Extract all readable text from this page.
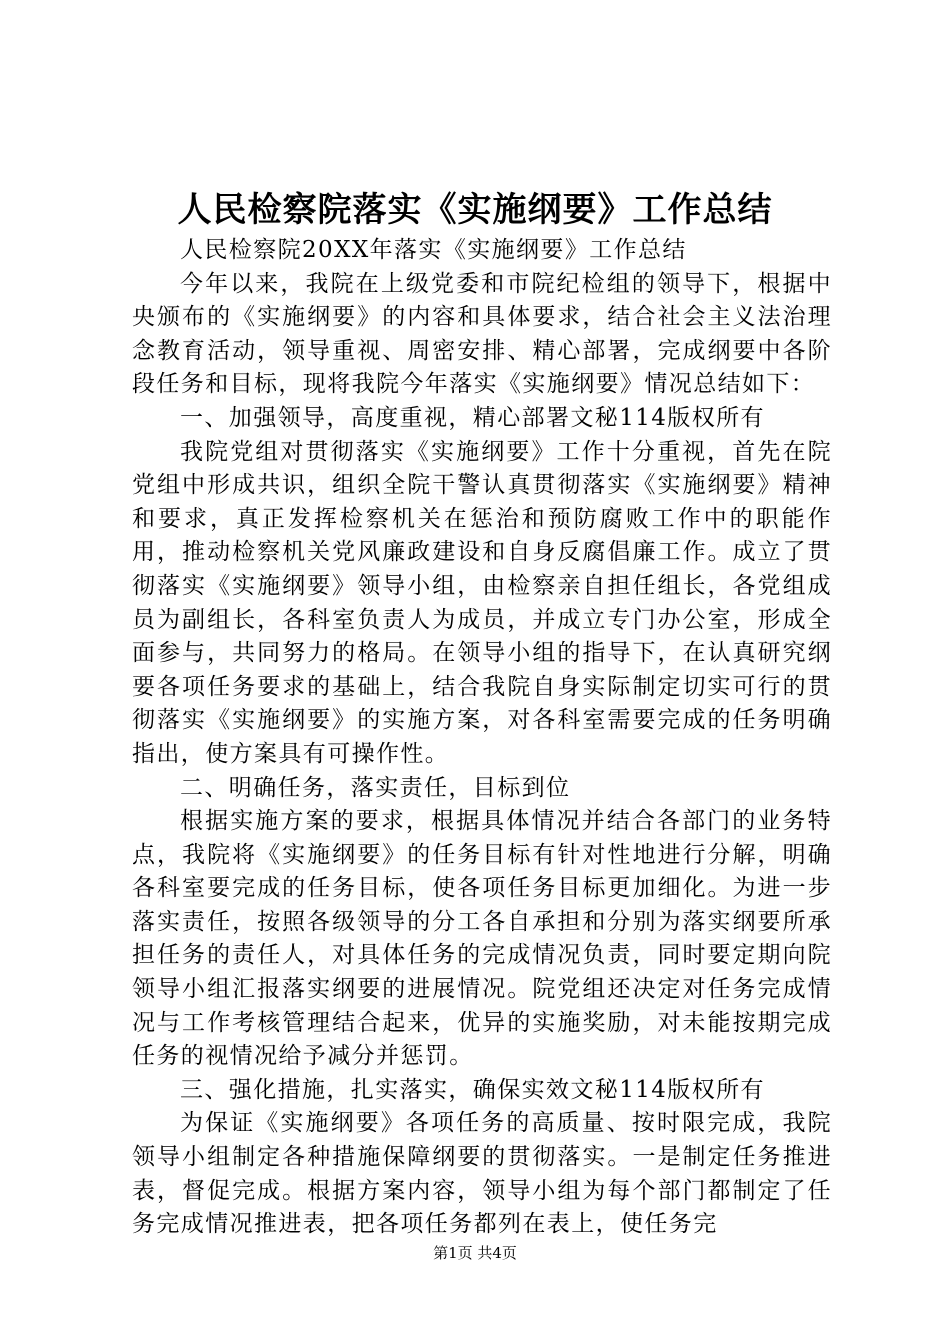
人民检察院落实《实施纲要》工作总结

人民检察院20XX年落实《实施纲要》工作总结

今年以来，我院在上级党委和市院纪检组的领导下，根据中央颁布的《实施纲要》的内容和具体要求，结合社会主义法治理念教育活动，领导重视、周密安排、精心部署，完成纲要中各阶段任务和目标，现将我院今年落实《实施纲要》情况总结如下：

一、加强领导，高度重视，精心部署文秘114版权所有

我院党组对贯彻落实《实施纲要》工作十分重视，首先在院党组中形成共识，组织全院干警认真贯彻落实《实施纲要》精神和要求，真正发挥检察机关在惩治和预防腐败工作中的职能作用，推动检察机关党风廉政建设和自身反腐倡廉工作。成立了贯彻落实《实施纲要》领导小组，由检察亲自担任组长，各党组成员为副组长，各科室负责人为成员，并成立专门办公室，形成全面参与，共同努力的格局。在领导小组的指导下，在认真研究纲要各项任务要求的基础上，结合我院自身实际制定切实可行的贯彻落实《实施纲要》的实施方案，对各科室需要完成的任务明确指出，使方案具有可操作性。

二、明确任务，落实责任，目标到位

根据实施方案的要求，根据具体情况并结合各部门的业务特点，我院将《实施纲要》的任务目标有针对性地进行分解，明确各科室要完成的任务目标，使各项任务目标更加细化。为进一步落实责任，按照各级领导的分工各自承担和分别为落实纲要所承担任务的责任人，对具体任务的完成情况负责，同时要定期向院领导小组汇报落实纲要的进展情况。院党组还决定对任务完成情况与工作考核管理结合起来，优异的实施奖励，对未能按期完成任务的视情况给予减分并惩罚。

三、强化措施，扎实落实，确保实效文秘114版权所有

为保证《实施纲要》各项任务的高质量、按时限完成，我院领导小组制定各种措施保障纲要的贯彻落实。一是制定任务推进表，督促完成。根据方案内容，领导小组为每个部门都制定了任务完成情况推进表，把各项任务都列在表上，使任务完

第1页 共4页
